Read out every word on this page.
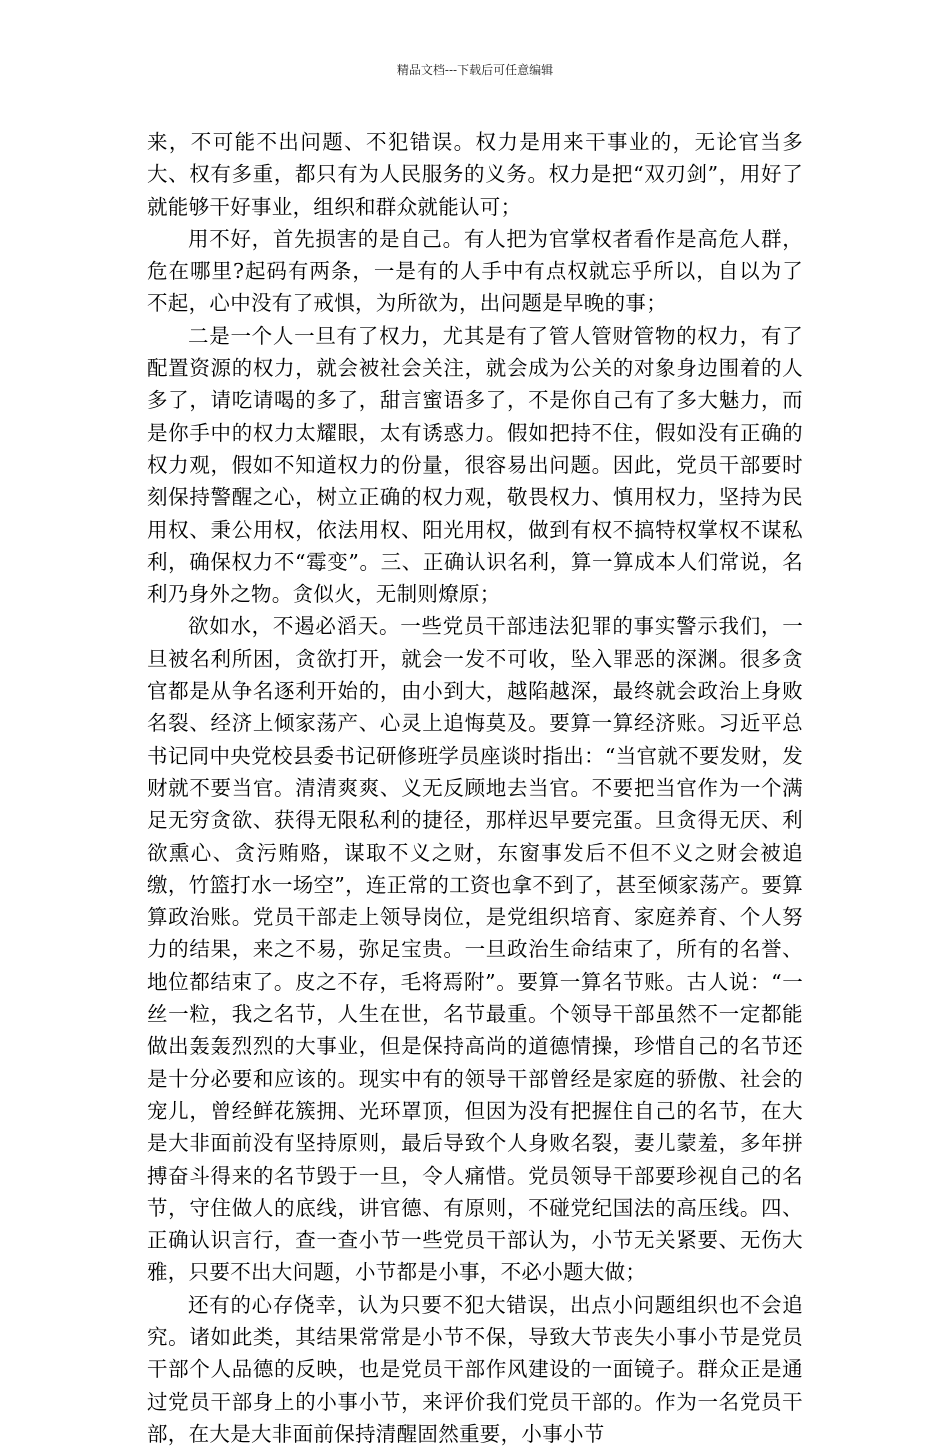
精品文档---下载后可任意编辑

来，不可能不出问题、不犯错误。权力是用来干事业的，无论官当多大、权有多重，都只有为人民服务的义务。权力是把“双刃剑”，用好了就能够干好事业，组织和群众就能认可；

用不好，首先损害的是自己。有人把为官掌权者看作是高危人群，危在哪里?起码有两条，一是有的人手中有点权就忘乎所以，自以为了不起，心中没有了戒惧，为所欲为，出问题是早晚的事；

二是一个人一旦有了权力，尤其是有了管人管财管物的权力，有了配置资源的权力，就会被社会关注，就会成为公关的对象身边围着的人多了，请吃请喝的多了，甜言蜜语多了，不是你自己有了多大魅力，而是你手中的权力太耀眼，太有诱惑力。假如把持不住，假如没有正确的权力观，假如不知道权力的份量，很容易出问题。因此，党员干部要时刻保持警醒之心，树立正确的权力观，敬畏权力、慎用权力，坚持为民用权、秉公用权，依法用权、阳光用权，做到有权不搞特权掌权不谋私利，确保权力不“霉变”。三、正确认识名利，算一算成本人们常说，名利乃身外之物。贪似火，无制则燎原；

欲如水，不遏必滔天。一些党员干部违法犯罪的事实警示我们，一旦被名利所困，贪欲打开，就会一发不可收，坠入罪恶的深渊。很多贪官都是从争名逐利开始的，由小到大，越陷越深，最终就会政治上身败名裂、经济上倾家荡产、心灵上追悔莫及。要算一算经济账。习近平总书记同中央党校县委书记研修班学员座谈时指出：“当官就不要发财，发财就不要当官。清清爽爽、义无反顾地去当官。不要把当官作为一个满足无穷贪欲、获得无限私利的捷径，那样迟早要完蛋。旦贪得无厌、利欲熏心、贪污贿赂，谋取不义之财，东窗事发后不但不义之财会被追缴，竹篮打水一场空”，连正常的工资也拿不到了，甚至倾家荡产。要算算政治账。党员干部走上领导岗位，是党组织培育、家庭养育、个人努力的结果，来之不易，弥足宝贵。一旦政治生命结束了，所有的名誉、地位都结束了。皮之不存，毛将焉附”。要算一算名节账。古人说：“一丝一粒，我之名节，人生在世，名节最重。个领导干部虽然不一定都能做出轰轰烈烈的大事业，但是保持高尚的道德情操，珍惜自己的名节还是十分必要和应该的。现实中有的领导干部曾经是家庭的骄傲、社会的宠儿，曾经鲜花簇拥、光环罩顶，但因为没有把握住自己的名节，在大是大非面前没有坚持原则，最后导致个人身败名裂，妻儿蒙羞，多年拼搏奋斗得来的名节毁于一旦，令人痛惜。党员领导干部要珍视自己的名节，守住做人的底线，讲官德、有原则，不碰党纪国法的高压线。四、正确认识言行，查一查小节一些党员干部认为，小节无关紧要、无伤大雅，只要不出大问题，小节都是小事，不必小题大做；

还有的心存侥幸，认为只要不犯大错误，出点小问题组织也不会追究。诸如此类，其结果常常是小节不保，导致大节丧失小事小节是党员干部个人品德的反映，也是党员干部作风建设的一面镜子。群众正是通过党员干部身上的小事小节，来评价我们党员干部的。作为一名党员干部，在大是大非面前保持清醒固然重要，小事小节
